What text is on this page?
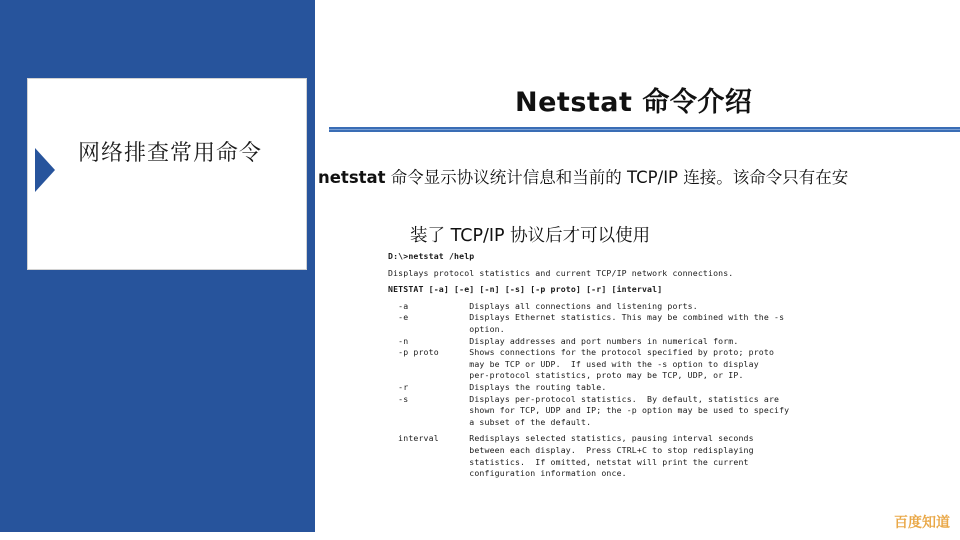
网络排查常用命令
Netstat 命令介绍
netstat 命令显示协议统计信息和当前的 TCP/IP 连接。该命令只有在安
装了 TCP/IP 协议后才可以使用
D:\>netstat /help
Displays protocol statistics and current TCP/IP network connections.
NETSTAT [-a] [-e] [-n] [-s] [-p proto] [-r] [interval]
-a            Displays all connections and listening ports.
-e            Displays Ethernet statistics. This may be combined with the -s
option.
-n            Display addresses and port numbers in numerical form.
-p proto      Shows connections for the protocol specified by proto; proto
may be TCP or UDP.  If used with the -s option to display
per-protocol statistics, proto may be TCP, UDP, or IP.
-r            Displays the routing table.
-s            Displays per-protocol statistics.  By default, statistics are
shown for TCP, UDP and IP; the -p option may be used to specify
a subset of the default.
interval      Redisplays selected statistics, pausing interval seconds
between each display.  Press CTRL+C to stop redisplaying
statistics.  If omitted, netstat will print the current
configuration information once.
百度知道
